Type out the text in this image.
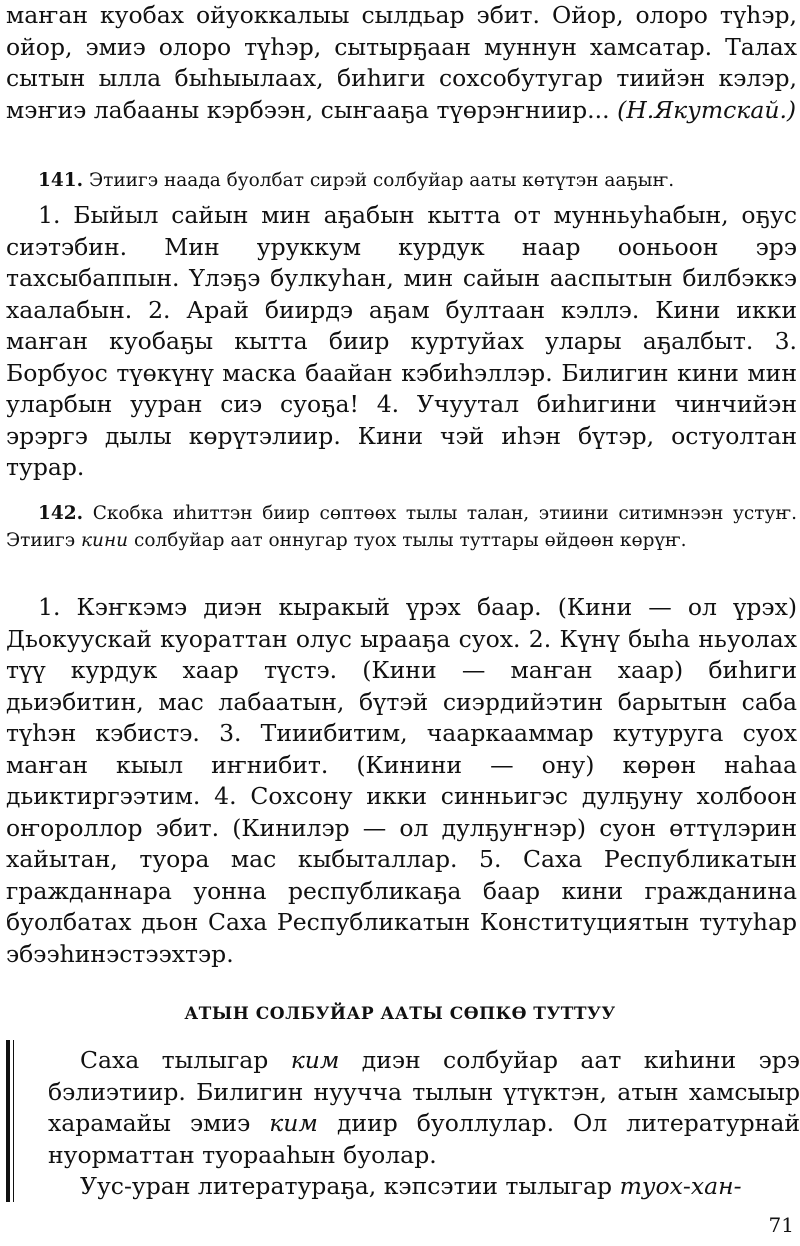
маҥан куобах ойуоккалыы сылдьар эбит. Ойор, олоро түһэр, ойор, эмиэ олоро түһэр, сытырҕаан муннун хамсатар. Талах сытын ылла быһыылаах, биһиги сохсобутугар тиийэн кэлэр, мэҥиэ лабааны кэрбээн, сыҥааҕа түөрэҥниир... (Н.Якутскай.)

141. Этиигэ наада буолбат сирэй солбуйар ааты көтүтэн ааҕыҥ.

1. Быйыл сайын мин аҕабын кытта от мунньуһабын, оҕус сиэтэбин. Мин уруккум курдук наар ооньоон эрэ тахсыбаппын. Үлэҕэ булкуһан, мин сайын ааспытын билбэккэ хаалабын. 2. Арай биирдэ аҕам бултаан кэллэ. Кини икки маҥан куобаҕы кытта биир куртуйах улары аҕалбыт. 3. Борбуос түөкүнү маска баайан кэбиһэллэр. Билигин кини мин уларбын ууран сиэ суоҕа! 4. Учуутал биһигини чинчийэн эрэргэ дылы көрүтэлиир. Кини чэй иһэн бүтэр, остуолтан турар.

142. Скобка иһиттэн биир сөптөөх тылы талан, этиини ситимнээн устуҥ. Этиигэ кини солбуйар аат оннугар туох тылы туттары өйдөөн көрүҥ.

1. Кэҥкэмэ диэн кыракый үрэх баар. (Кини — ол үрэх) Дьокуускай куораттан олус ырааҕа суох. 2. Күнү быһа ньуолах түү курдук хаар түстэ. (Кини — маҥан хаар) биһиги дьиэбитин, мас лабаатын, бүтэй сиэрдийэтин барытын саба түһэн кэбистэ. 3. Тииибитим, чааркааммар кутуруга суох маҥан кыыл иҥнибит. (Кинини — ону) көрөн наһаа дьиктиргээтим. 4. Сохсону икки синньигэс дулҕуну холбоон оҥороллор эбит. (Кинилэр — ол дулҕуҥнэр) суон өттүлэрин хайытан, туора мас кыбыталлар. 5. Саха Республикатын гражданнара уонна республикаҕа баар кини гражданина буолбатах дьон Саха Республикатын Конституциятын тутуһар эбээһинэстээхтэр.

АТЫН СОЛБУЙАР ААТЫ СӨПКӨ ТУТТУУ

Саха тылыгар ким диэн солбуйар аат киһини эрэ бэлиэтиир. Билигин нуучча тылын үтүктэн, атын хамсыыр харамайы эмиэ ким диир буоллулар. Ол литературнай нуорматтан туораaһын буолар.

Уус-уран литератураҕа, кэпсэтии тылыгар туох-хан-

71
